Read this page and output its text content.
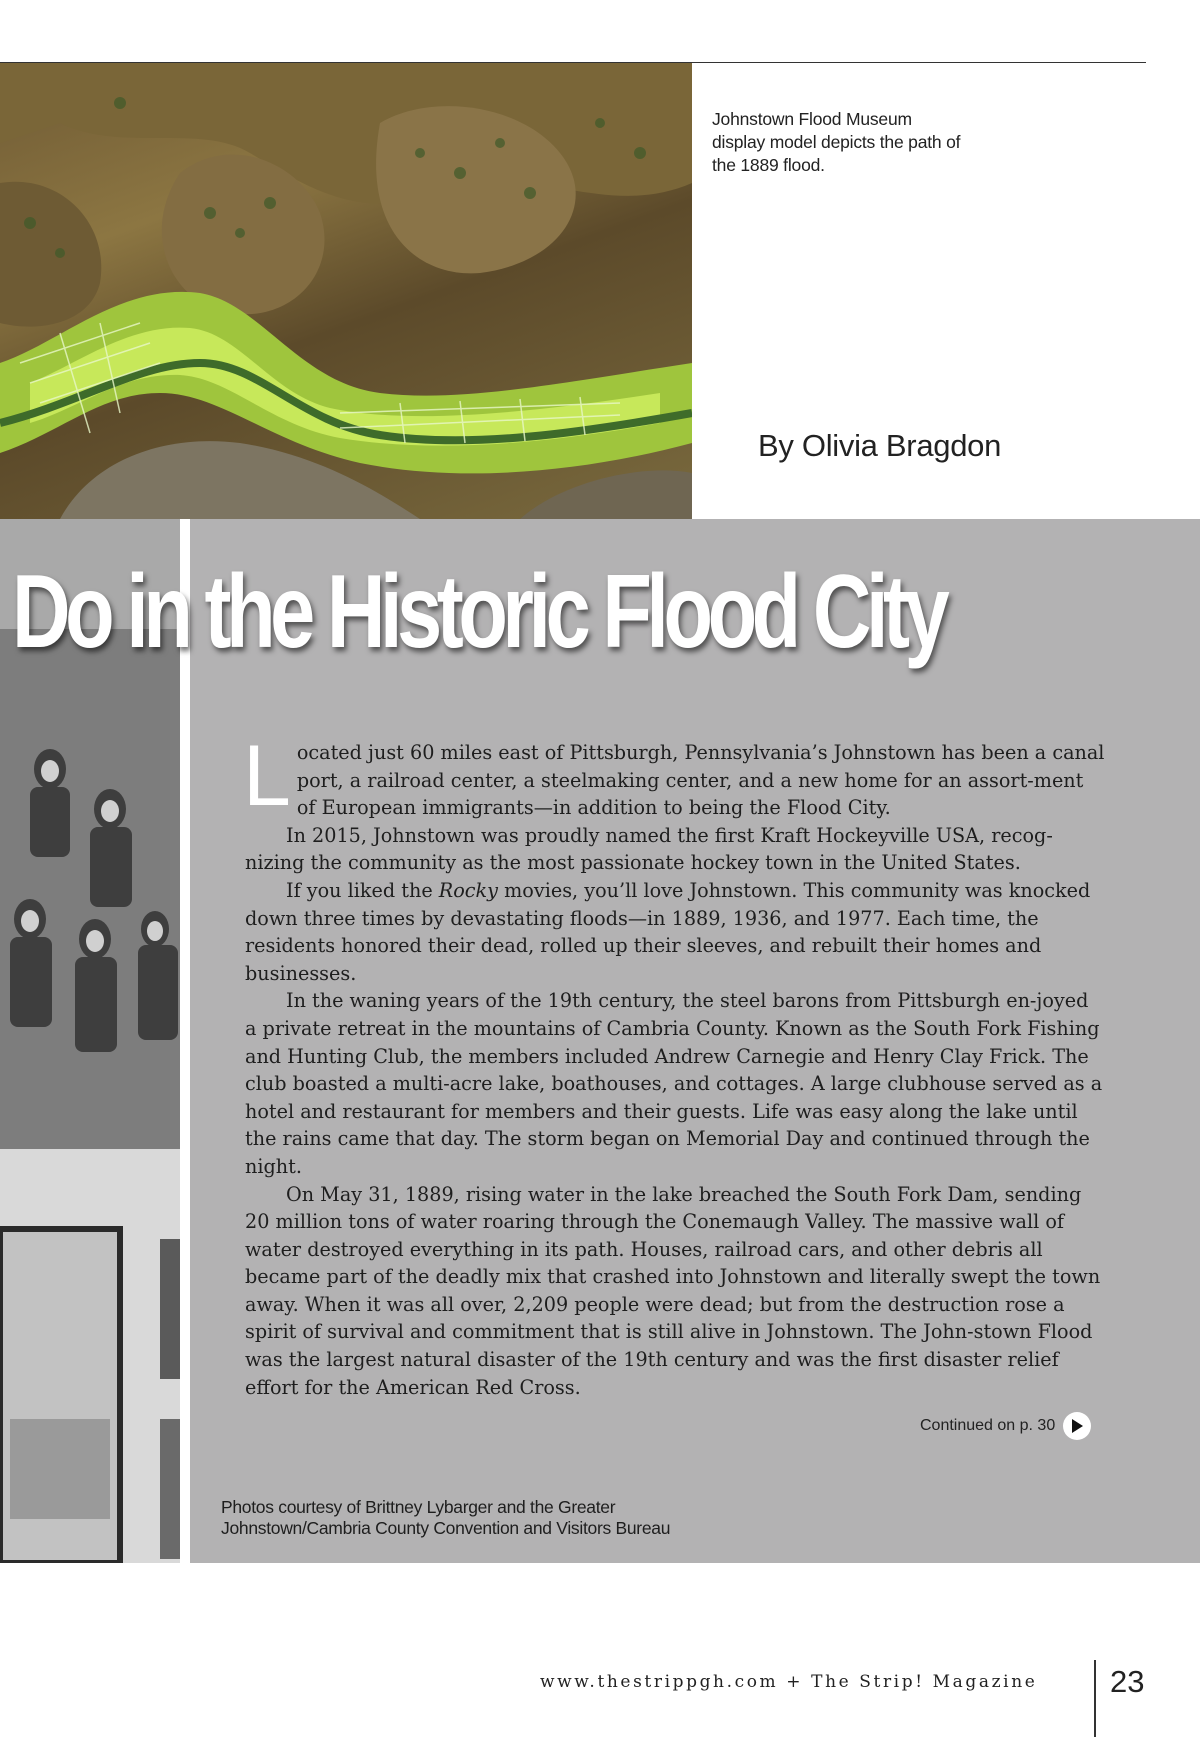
Johnstown Flood Museum display model depicts the path of the 1889 flood.
By Olivia Bragdon
Do in the Historic Flood City

Located just 60 miles east of Pittsburgh, Pennsylvania’s Johnstown has been a canal port, a railroad center, a steelmaking center, and a new home for an assort-ment of European immigrants—in addition to being the Flood City.

In 2015, Johnstown was proudly named the first Kraft Hockeyville USA, recog-nizing the community as the most passionate hockey town in the United States.

If you liked the Rocky movies, you’ll love Johnstown. This community was knocked down three times by devastating floods—in 1889, 1936, and 1977. Each time, the residents honored their dead, rolled up their sleeves, and rebuilt their homes and businesses.

In the waning years of the 19th century, the steel barons from Pittsburgh en-joyed a private retreat in the mountains of Cambria County. Known as the South Fork Fishing and Hunting Club, the members included Andrew Carnegie and Henry Clay Frick. The club boasted a multi-acre lake, boathouses, and cottages. A large clubhouse served as a hotel and restaurant for members and their guests. Life was easy along the lake until the rains came that day. The storm began on Memorial Day and continued through the night.

On May 31, 1889, rising water in the lake breached the South Fork Dam, sending 20 million tons of water roaring through the Conemaugh Valley. The massive wall of water destroyed everything in its path. Houses, railroad cars, and other debris all became part of the deadly mix that crashed into Johnstown and literally swept the town away. When it was all over, 2,209 people were dead; but from the destruction rose a spirit of survival and commitment that is still alive in Johnstown. The John-stown Flood was the largest natural disaster of the 19th century and was the first disaster relief effort for the American Red Cross.

Continued on p. 30
Photos courtesy of Brittney Lybarger and the Greater Johnstown/Cambria County Convention and Visitors Bureau
www.thestrippgh.com + The Strip! Magazine 23
